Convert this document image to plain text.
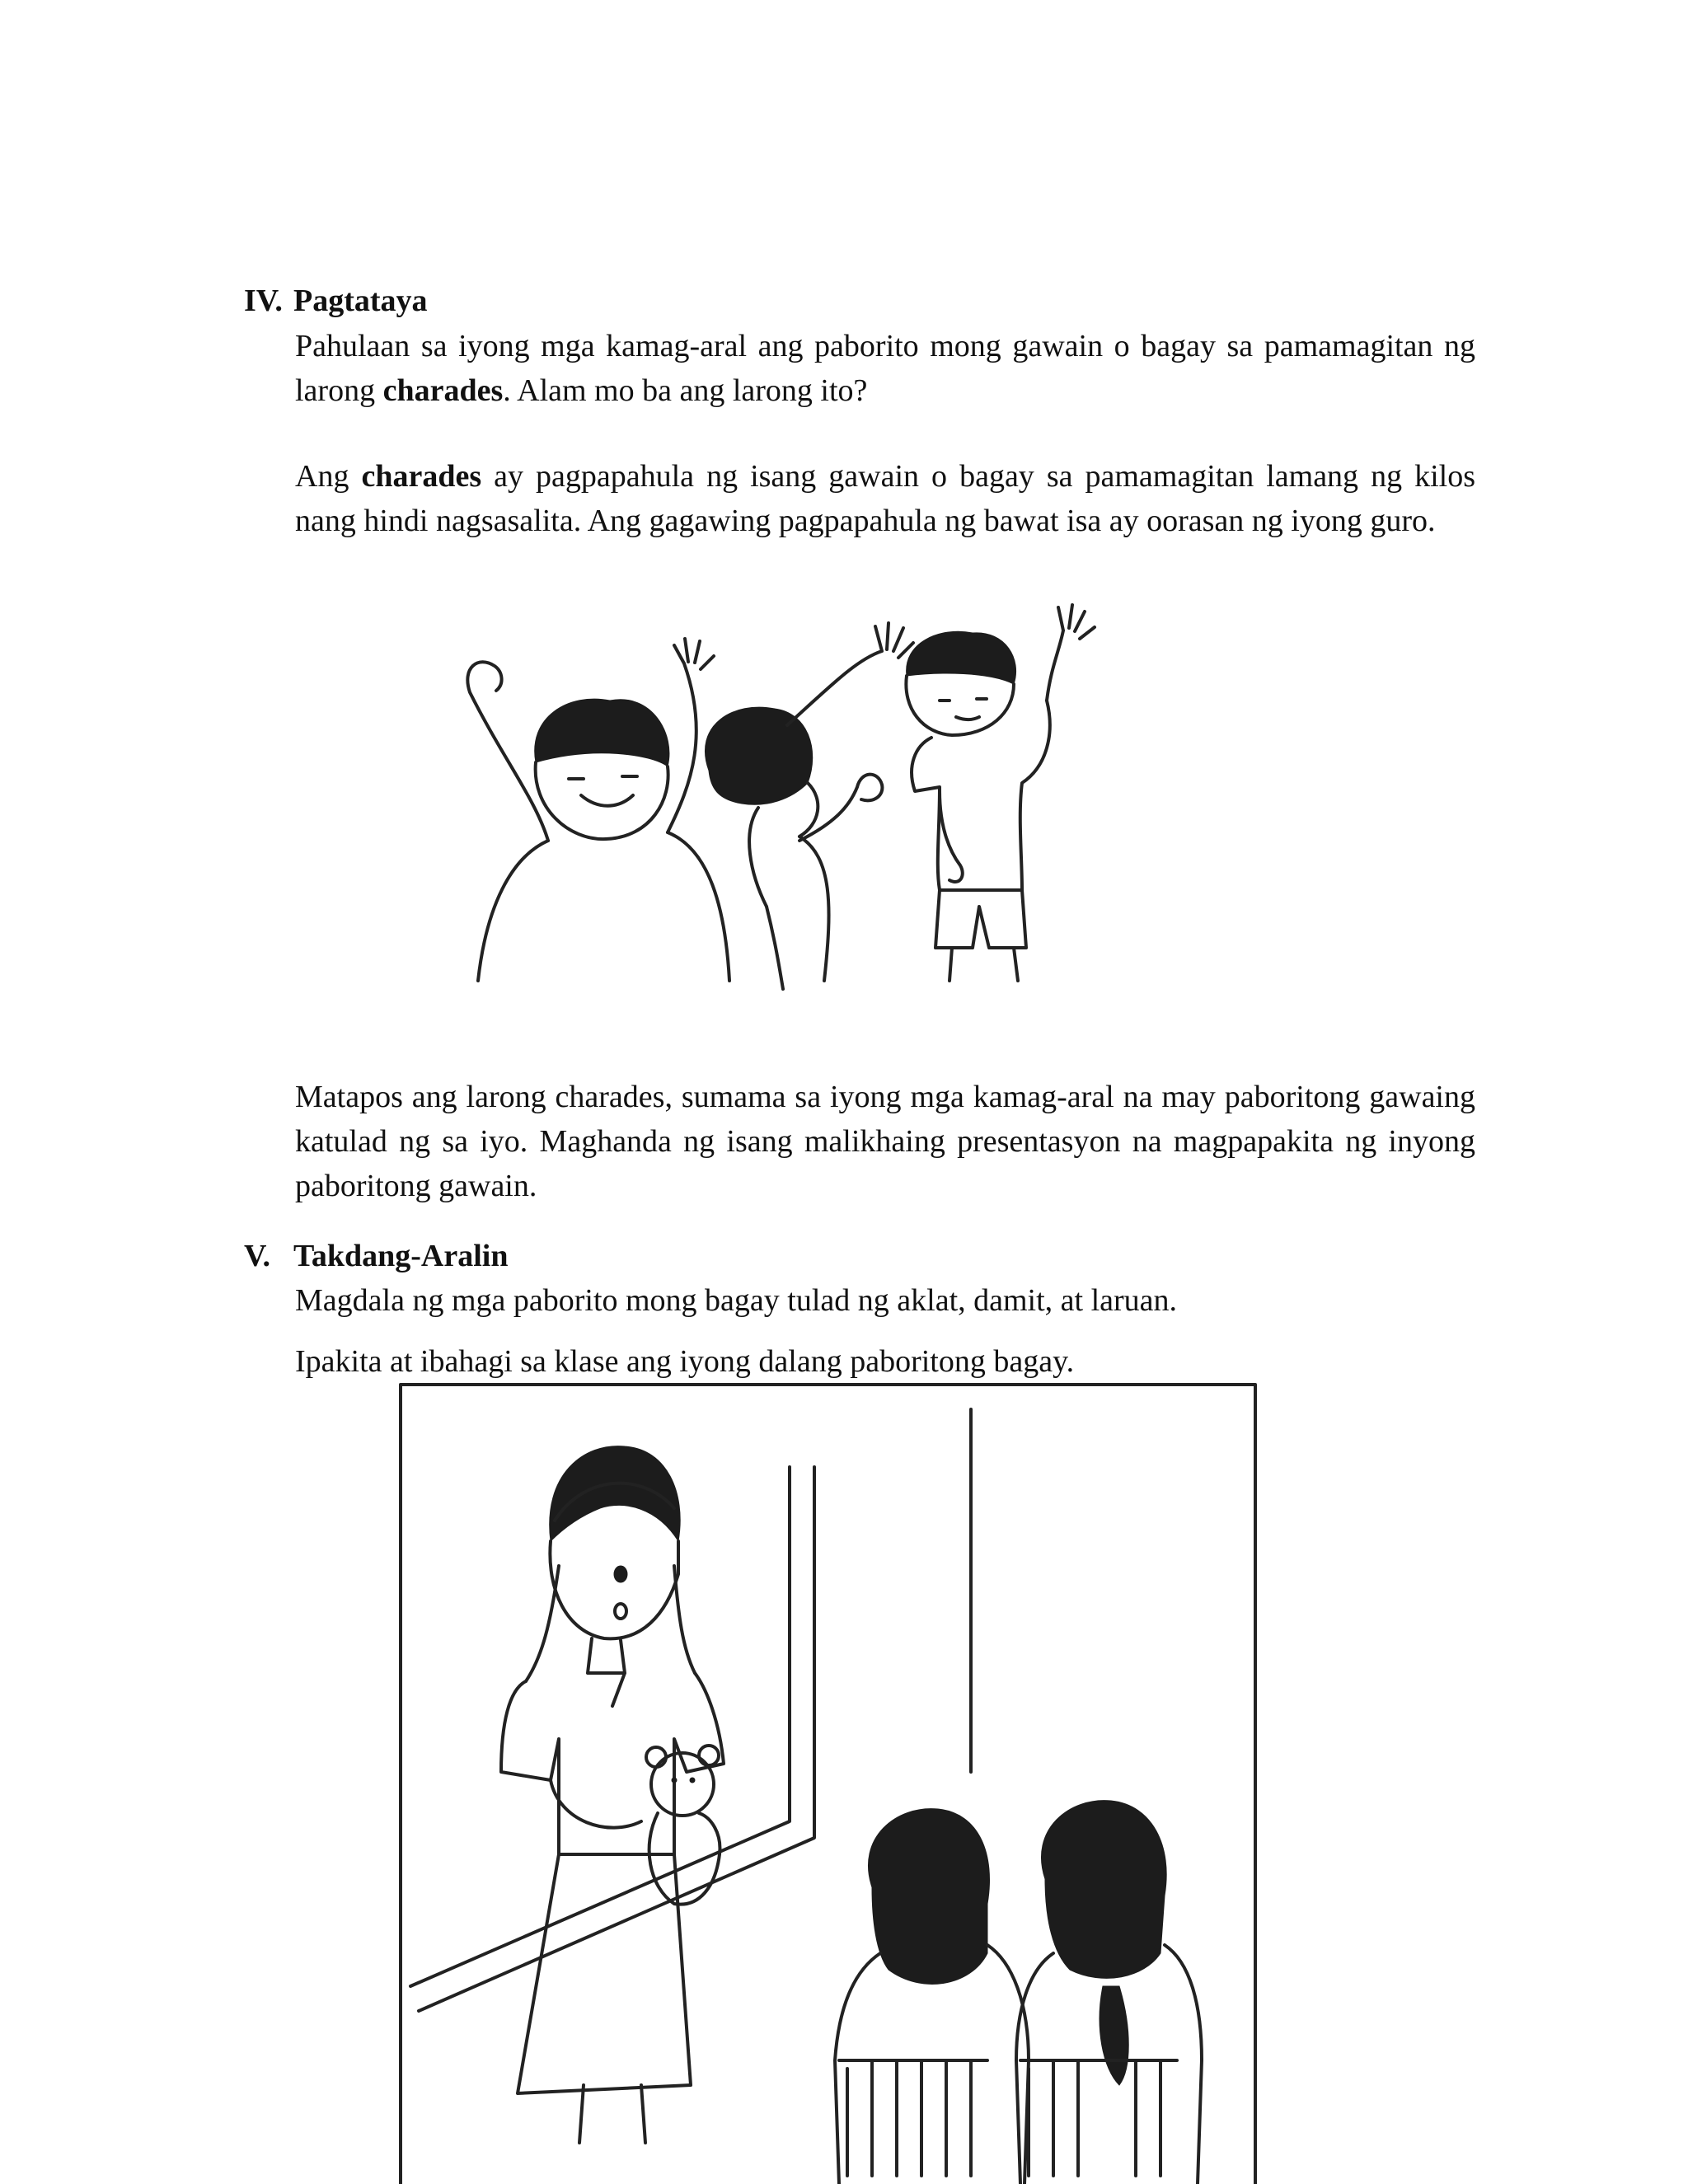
IV. Pagtataya

Pahulaan sa iyong mga kamag-aral ang paborito mong gawain o bagay sa pamamagitan ng larong charades. Alam mo ba ang larong ito?

Ang charades ay pagpapahula ng isang gawain o bagay sa pamamagitan lamang ng kilos nang hindi nagsasalita. Ang gagawing pagpapahula ng bawat isa ay oorasan ng iyong guro.

Matapos ang larong charades, sumama sa iyong mga kamag-aral na may paboritong gawaing katulad ng sa iyo. Maghanda ng isang malikhaing presentasyon na magpapakita ng inyong paboritong gawain.

V. Takdang-Aralin
Magdala ng mga paborito mong bagay tulad ng aklat, damit, at laruan.
Ipakita at ibahagi sa klase ang iyong dalang paboritong bagay.
